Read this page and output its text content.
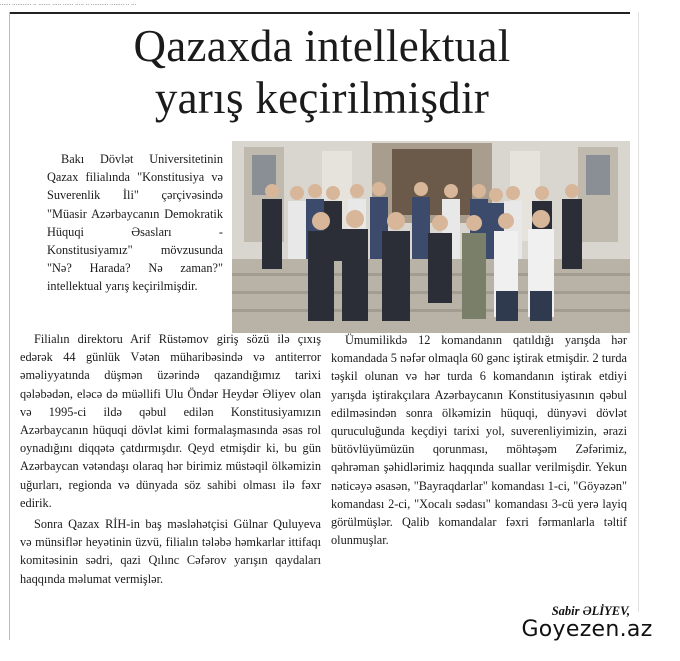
...... ........... .. ....... ..... ...... ..... .. .......... ........ .. ...
Qazaxda intellektual
yarış keçirilmişdir

Bakı Dövlət Universitetinin Qazax filialında "Konstitusiya və Suverenlik İli" çərçivəsində "Müasir Azərbaycanın Demokratik Hüquqi Əsasları - Konstitusiyamız" mövzusunda "Nə? Harada? Nə zaman?" intellektual yarış keçirilmişdir.

Filialın direktoru Arif Rüstəmov giriş sözü ilə çıxış edərək 44 günlük Vətən müharibəsində və antiterror əməliyyatında düşmən üzərində qazandığımız tarixi qələbədən, eləcə də müəllifi Ulu Öndər Heydər Əliyev olan və 1995-ci ildə qəbul edilən Konstitusiyamızın Azərbaycanın hüquqi dövlət kimi formalaşmasında əsas rol oynadığını diqqətə çatdırmışdır. Qeyd etmişdir ki, bu gün Azərbaycan vətəndaşı olaraq hər birimiz müstəqil ölkəmizin uğurları, regionda və dünyada söz sahibi olması ilə fəxr edirik.

Sonra Qazax RİH-in baş məsləhətçisi Gülnar Quluyeva və münsiflər heyətinin üzvü, filialın tələbə həmkarlar ittifaqı komitəsinin sədri, qazi Qılınc Cəfərov yarışın qaydaları haqqında məlumat vermişlər.

Ümumilikdə 12 komandanın qatıldığı yarışda hər komandada 5 nəfər olmaqla 60 gənc iştirak etmişdir. 2 turda təşkil olunan və hər turda 6 komandanın iştirak etdiyi yarışda iştirakçılara Azərbaycanın Konstitusiyasının qəbul edilməsindən sonra ölkəmizin hüquqi, dünyəvi dövlət quruculuğunda keçdiyi tarixi yol, suverenliyimizin, ərazi bütövlüyümüzün qorunması, möhtəşəm Zəfərimiz, qəhrəman şəhidlərimiz haqqında suallar verilmişdir. Yekun nəticəyə əsasən, "Bayraqdarlar" komandası 1-ci, "Göyəzən" komandası 2-ci, "Xocalı sədası" komandası 3-cü yerə layiq görülmüşlər. Qalib komandalar fəxri fərmanlarla təltif olunmuşlar.

Sabir ƏLİYEV,
Goyezen.az
